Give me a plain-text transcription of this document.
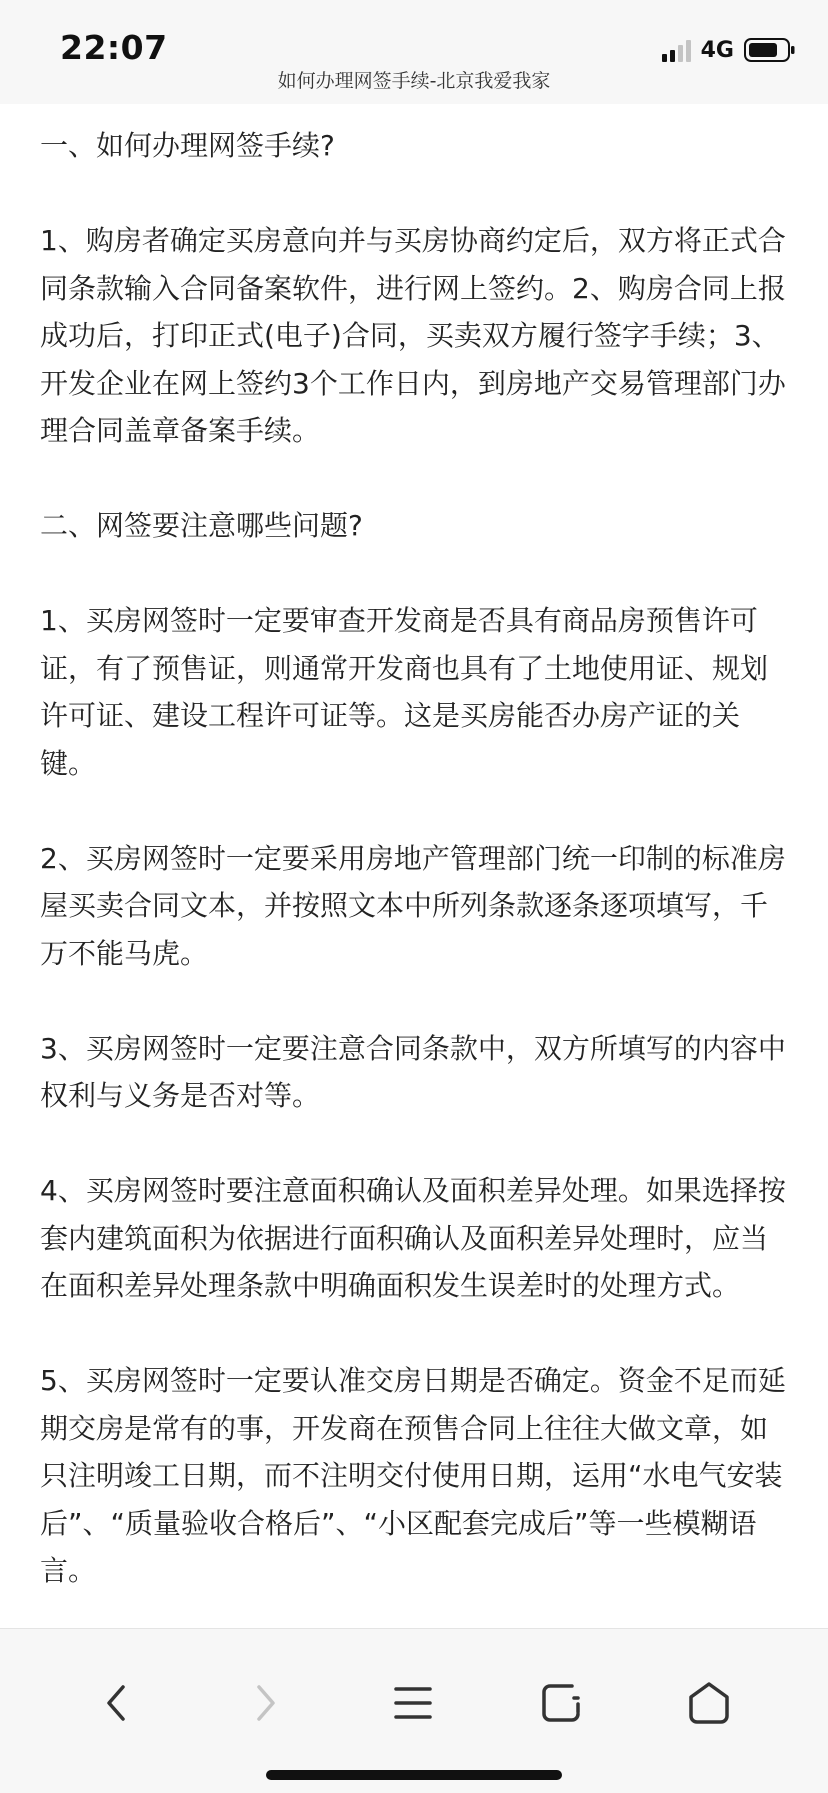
22:07	4G
如何办理网签手续-北京我爱我家

一、如何办理网签手续?

1、购房者确定买房意向并与买房协商约定后，双方将正式合同条款输入合同备案软件，进行网上签约。2、购房合同上报成功后，打印正式(电子)合同，买卖双方履行签字手续；3、开发企业在网上签约3个工作日内，到房地产交易管理部门办理合同盖章备案手续。

二、网签要注意哪些问题?

1、买房网签时一定要审查开发商是否具有商品房预售许可证，有了预售证，则通常开发商也具有了土地使用证、规划许可证、建设工程许可证等。这是买房能否办房产证的关键。

2、买房网签时一定要采用房地产管理部门统一印制的标准房屋买卖合同文本，并按照文本中所列条款逐条逐项填写，千万不能马虎。

3、买房网签时一定要注意合同条款中，双方所填写的内容中权利与义务是否对等。

4、买房网签时要注意面积确认及面积差异处理。如果选择按套内建筑面积为依据进行面积确认及面积差异处理时，应当在面积差异处理条款中明确面积发生误差时的处理方式。

5、买房网签时一定要认准交房日期是否确定。资金不足而延期交房是常有的事，开发商在预售合同上往往大做文章，如只注明竣工日期，而不注明交付使用日期，运用“水电气安装后”、“质量验收合格后”、“小区配套完成后”等一些模糊语言。
